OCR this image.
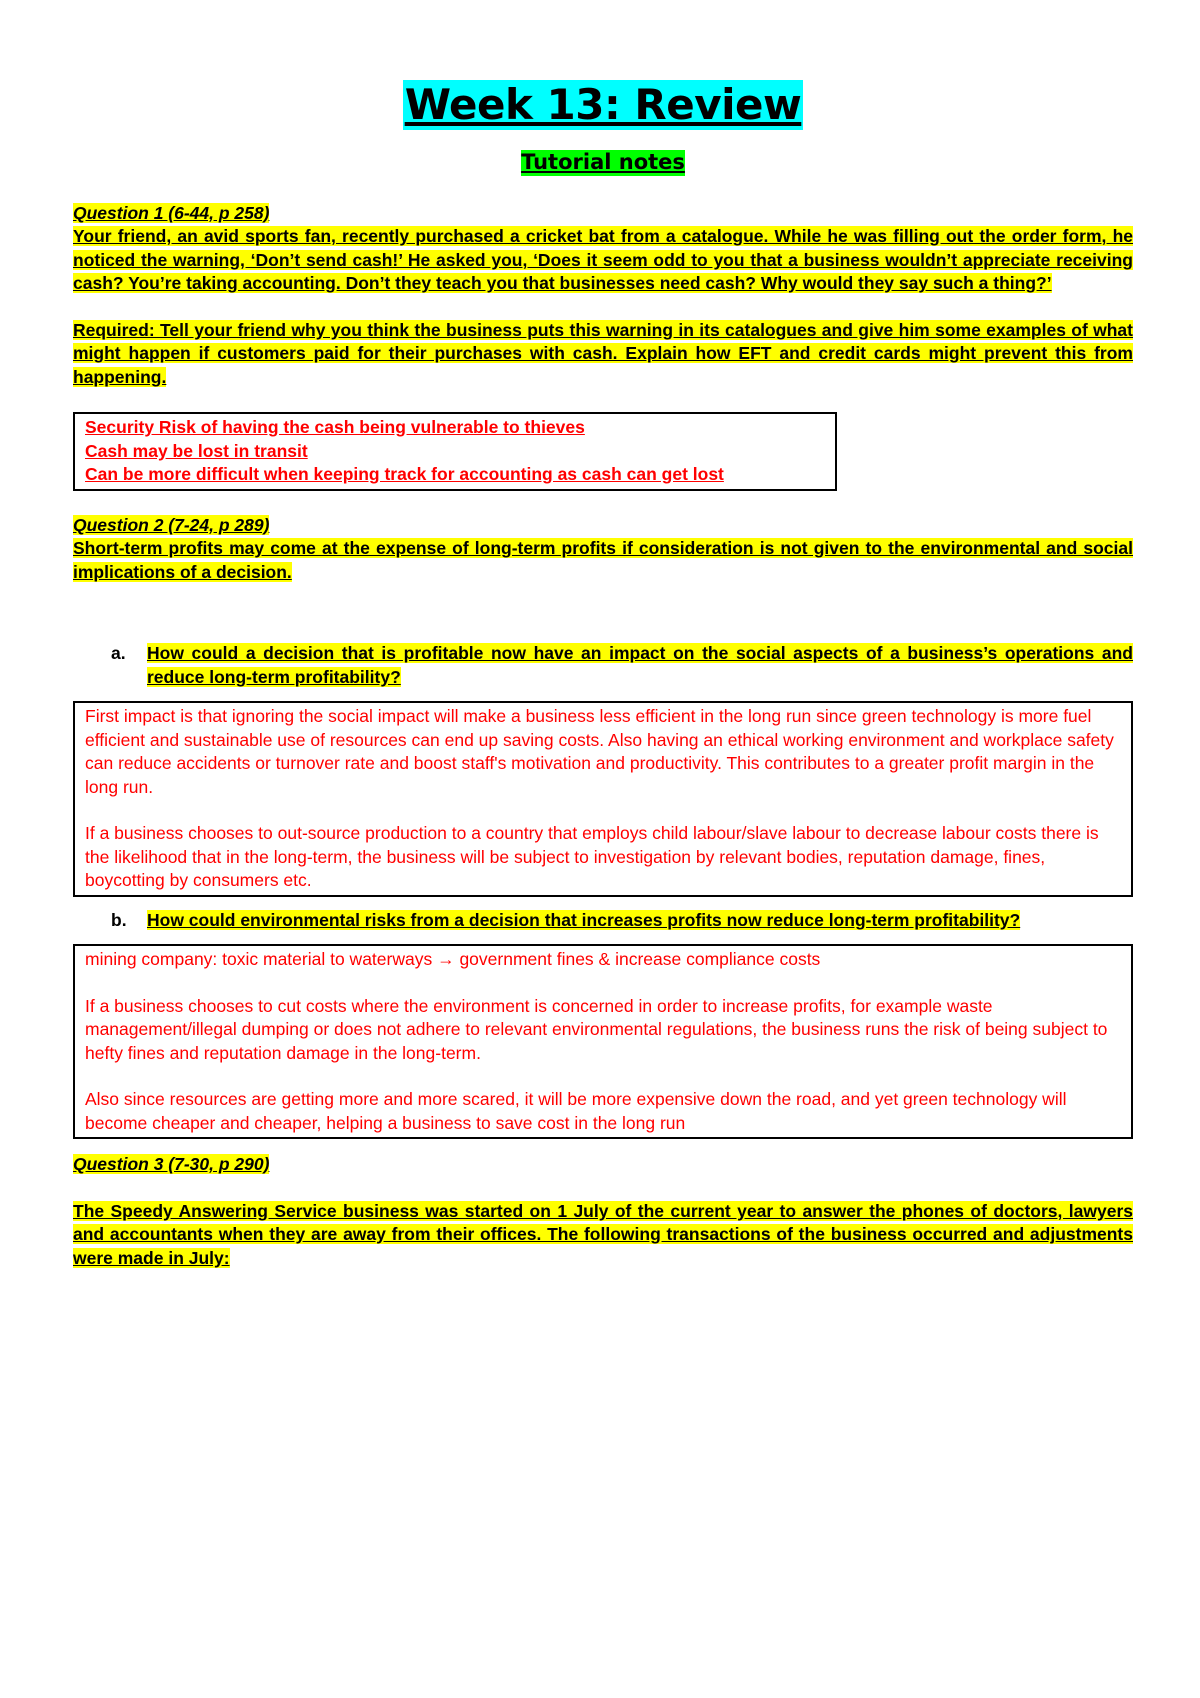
Week 13: Review
Tutorial notes
Question 1 (6-44, p 258)
Your friend, an avid sports fan, recently purchased a cricket bat from a catalogue. While he was filling out the order form, he noticed the warning, ‘Don’t send cash!’ He asked you, ‘Does it seem odd to you that a business wouldn’t appreciate receiving cash? You’re taking accounting. Don’t they teach you that businesses need cash? Why would they say such a thing?’
Required: Tell your friend why you think the business puts this warning in its catalogues and give him some examples of what might happen if customers paid for their purchases with cash. Explain how EFT and credit cards might prevent this from happening.

Security Risk of having the cash being vulnerable to thieves

Cash may be lost in transit

Can be more difficult when keeping track for accounting as cash can get lost

Question 2 (7-24, p 289)
Short-term profits may come at the expense of long-term profits if consideration is not given to the environmental and social implications of a decision.
a.	How could a decision that is profitable now have an impact on the social aspects of a business’s operations and reduce long-term profitability?

First impact is that ignoring the social impact will make a business less efficient in the long run since green technology is more fuel efficient and sustainable use of resources can end up saving costs. Also having an ethical working environment and workplace safety can reduce accidents or turnover rate and boost staff's motivation and productivity. This contributes to a greater profit margin in the long run.

If a business chooses to out-source production to a country that employs child labour/slave labour to decrease labour costs there is the likelihood that in the long-term, the business will be subject to investigation by relevant bodies, reputation damage, fines, boycotting by consumers etc.

b.	How could environmental risks from a decision that increases profits now reduce long-term profitability?

mining company: toxic material to waterways → government fines & increase compliance costs

If a business chooses to cut costs where the environment is concerned in order to increase profits, for example waste management/illegal dumping or does not adhere to relevant environmental regulations, the business runs the risk of being subject to hefty fines and reputation damage in the long-term.

Also since resources are getting more and more scared, it will be more expensive down the road, and yet green technology will become cheaper and cheaper, helping a business to save cost in the long run

Question 3 (7-30, p 290)
The Speedy Answering Service business was started on 1 July of the current year to answer the phones of doctors, lawyers and accountants when they are away from their offices. The following transactions of the business occurred and adjustments were made in July:
